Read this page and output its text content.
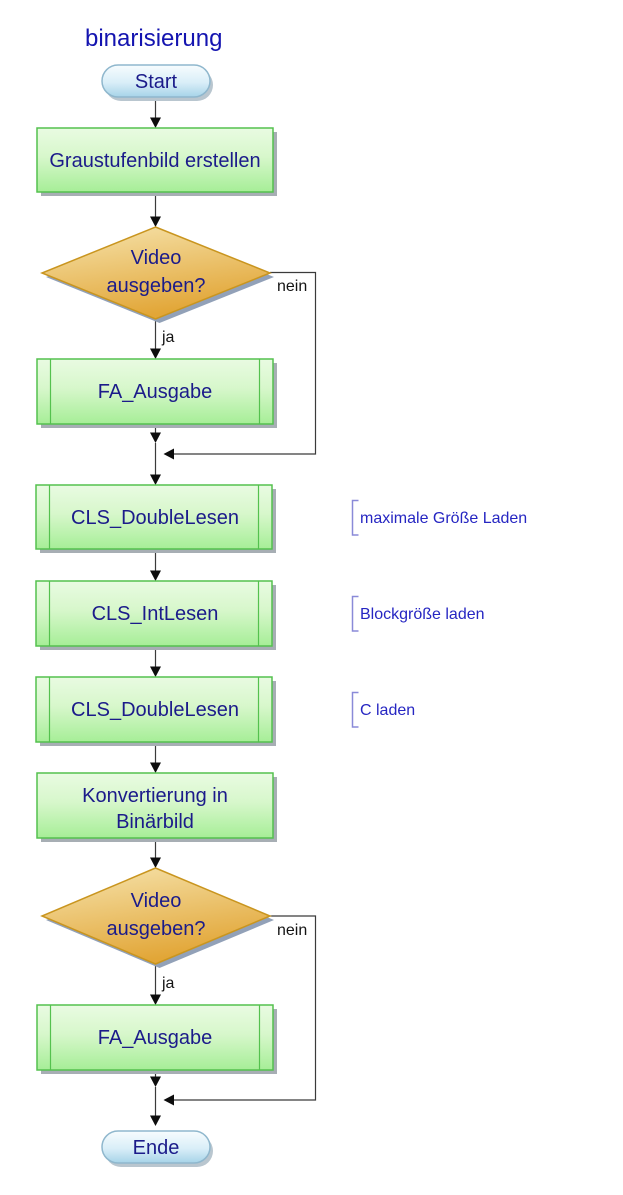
binarisierung
Start
Graustufenbild erstellen
Video
ausgeben?
ja
nein
FA_Ausgabe
CLS_DoubleLesen	maximale Größe Laden
CLS_IntLesen	Blockgröße laden
CLS_DoubleLesen	C laden
Konvertierung in
Binärbild
Video
ausgeben?
ja
nein
FA_Ausgabe
Ende
